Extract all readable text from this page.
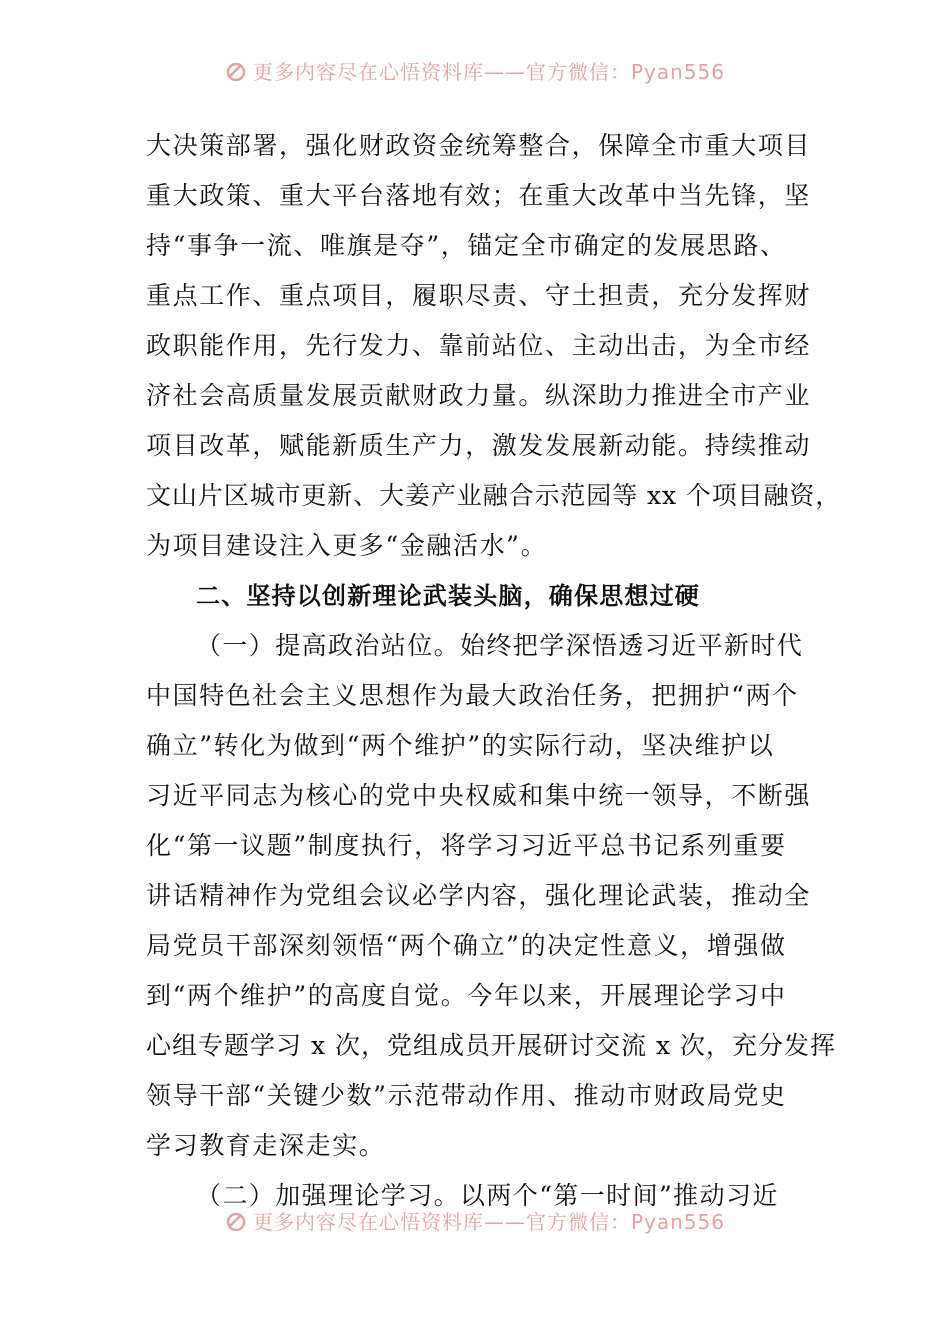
更多内容尽在心悟资料库——官方微信：Pyan556
大决策部署，强化财政资金统筹整合，保障全市重大项目
重大政策、重大平台落地有效；在重大改革中当先锋，坚
持“事争一流、唯旗是夺”，锚定全市确定的发展思路、
重点工作、重点项目，履职尽责、守土担责，充分发挥财
政职能作用，先行发力、靠前站位、主动出击，为全市经
济社会高质量发展贡献财政力量。纵深助力推进全市产业
项目改革，赋能新质生产力，激发发展新动能。持续推动
文山片区城市更新、大姜产业融合示范园等 xx 个项目融资，
为项目建设注入更多“金融活水”。
二、坚持以创新理论武装头脑，确保思想过硬
（一）提高政治站位。始终把学深悟透习近平新时代
中国特色社会主义思想作为最大政治任务，把拥护“两个
确立”转化为做到“两个维护”的实际行动，坚决维护以
习近平同志为核心的党中央权威和集中统一领导，不断强
化“第一议题”制度执行，将学习习近平总书记系列重要
讲话精神作为党组会议必学内容，强化理论武装，推动全
局党员干部深刻领悟“两个确立”的决定性意义，增强做
到“两个维护”的高度自觉。今年以来，开展理论学习中
心组专题学习 x 次，党组成员开展研讨交流 x 次，充分发挥
领导干部“关键少数”示范带动作用、推动市财政局党史
学习教育走深走实。
（二）加强理论学习。以两个“第一时间”推动习近
更多内容尽在心悟资料库——官方微信：Pyan556
